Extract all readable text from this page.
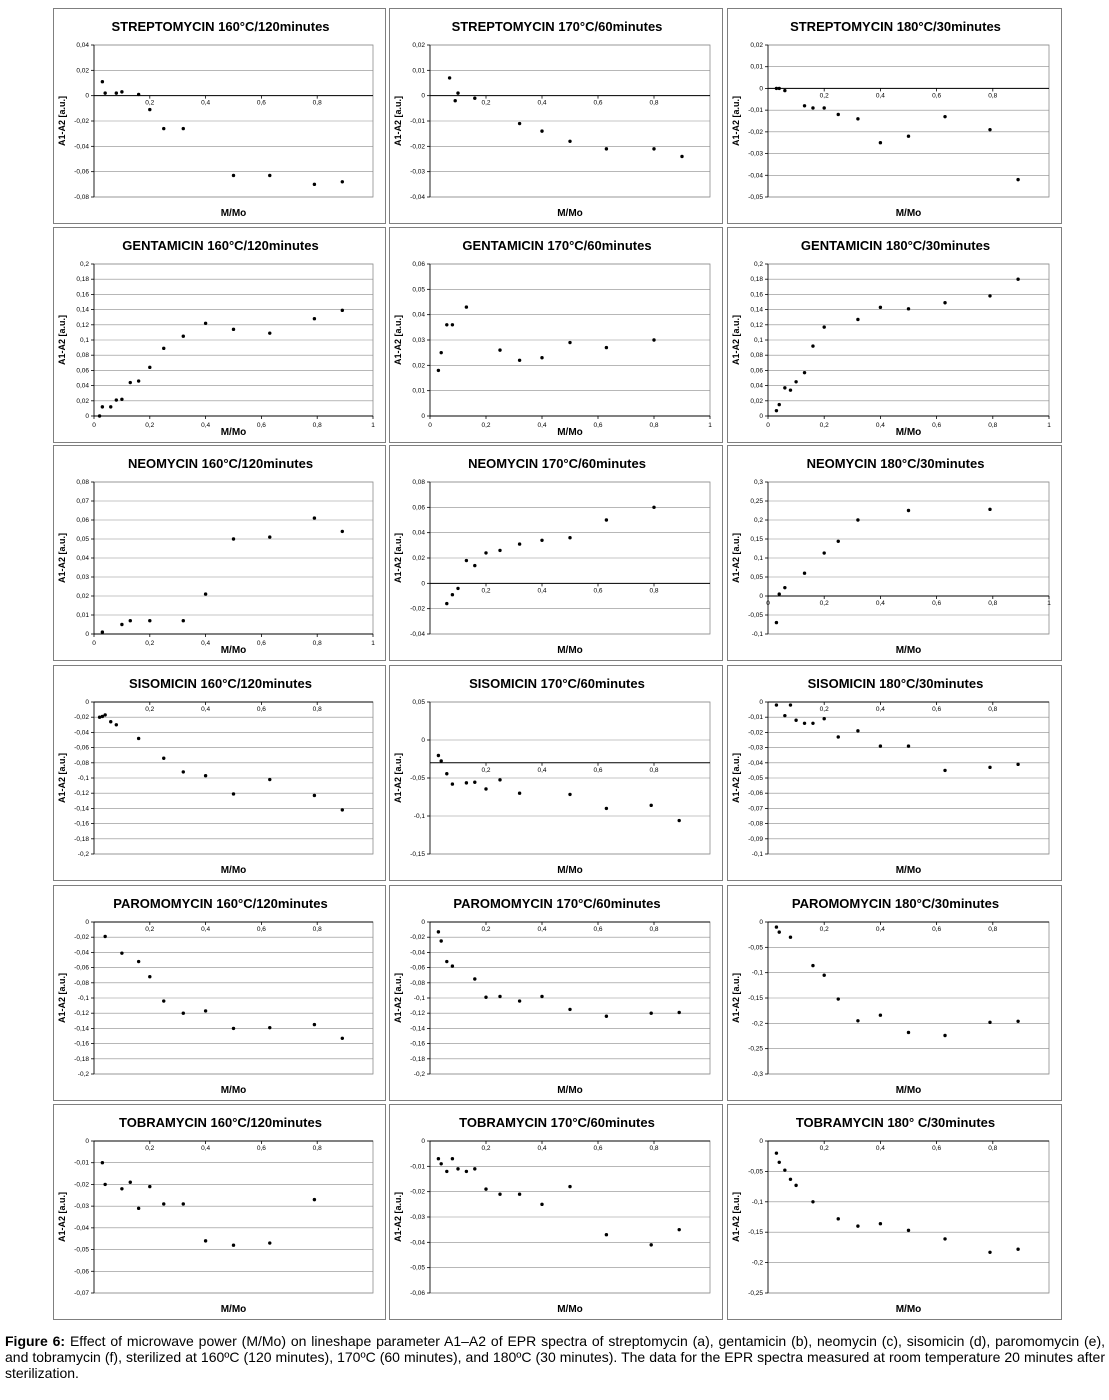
STREPTOMYCIN 160°C/120minutes
0,04
0,02
0
-0,02
-0,04
-0,06
-0,08
0,2	0,4	0,6	0,8
M/Mo
A1-A2 [a.u.]
STREPTOMYCIN 170°C/60minutes
0,02
0,01
0
-0,01
-0,02
-0,03
-0,04
0,2	0,4	0,6	0,8
M/Mo
A1-A2 [a.u.]
STREPTOMYCIN 180°C/30minutes
0,02
0,01
0
-0,01
-0,02
-0,03
-0,04
-0,05
0,2	0,4	0,6	0,8
M/Mo
A1-A2 [a.u.]
GENTAMICIN 160°C/120minutes
0,2
0,18
0,16
0,14
0,12
0,1
0,08
0,06
0,04
0,02
0
0	0,2	0,4	0,6	0,8	1
M/Mo
A1-A2 [a.u.]
GENTAMICIN 170°C/60minutes
0,06
0,05
0,04
0,03
0,02
0,01
0
0	0,2	0,4	0,6	0,8	1
M/Mo
A1-A2 [a.u.]
GENTAMICIN 180°C/30minutes
0,2
0,18
0,16
0,14
0,12
0,1
0,08
0,06
0,04
0,02
0
0	0,2	0,4	0,6	0,8	1
M/Mo
A1-A2 [a.u.]
NEOMYCIN 160°C/120minutes
0,08
0,07
0,06
0,05
0,04
0,03
0,02
0,01
0
0	0,2	0,4	0,6	0,8	1
M/Mo
A1-A2 [a.u.]
NEOMYCIN 170°C/60minutes
0,08
0,06
0,04
0,02
0
-0,02
-0,04
0,2	0,4	0,6	0,8
M/Mo
A1-A2 [a.u.]
NEOMYCIN 180°C/30minutes
0,3
0,25
0,2
0,15
0,1
0,05
0
-0,05
-0,1
0	0,2	0,4	0,6	0,8	1
M/Mo
A1-A2 [a.u.]
SISOMICIN 160°C/120minutes
0
-0,02
-0,04
-0,06
-0,08
-0,1
-0,12
-0,14
-0,16
-0,18
-0,2
0,2	0,4	0,6	0,8
M/Mo
A1-A2 [a.u.]
SISOMICIN 170°C/60minutes
0,05
0
-0,05
-0,1
-0,15
0,2	0,4	0,6	0,8
M/Mo
A1-A2 [a.u.]
SISOMICIN 180°C/30minutes
0
-0,01
-0,02
-0,03
-0,04
-0,05
-0,06
-0,07
-0,08
-0,09
-0,1
0,2	0,4	0,6	0,8
M/Mo
A1-A2 [a.u.]
PAROMOMYCIN 160°C/120minutes
0
-0,02
-0,04
-0,06
-0,08
-0,1
-0,12
-0,14
-0,16
-0,18
-0,2
0,2	0,4	0,6	0,8
M/Mo
A1-A2 [a.u.]
PAROMOMYCIN 170°C/60minutes
0
-0,02
-0,04
-0,06
-0,08
-0,1
-0,12
-0,14
-0,16
-0,18
-0,2
0,2	0,4	0,6	0,8
M/Mo
A1-A2 [a.u.]
PAROMOMYCIN 180°C/30minutes
0
-0,05
-0,1
-0,15
-0,2
-0,25
-0,3
0,2	0,4	0,6	0,8
M/Mo
A1-A2 [a.u.]
TOBRAMYCIN 160°C/120minutes
0
-0,01
-0,02
-0,03
-0,04
-0,05
-0,06
-0,07
0,2	0,4	0,6	0,8
M/Mo
A1-A2 [a.u.]
TOBRAMYCIN 170°C/60minutes
0
-0,01
-0,02
-0,03
-0,04
-0,05
-0,06
0,2	0,4	0,6	0,8
M/Mo
A1-A2 [a.u.]
TOBRAMYCIN 180° C/30minutes
0
-0,05
-0,1
-0,15
-0,2
-0,25
0,2	0,4	0,6	0,8
M/Mo
A1-A2 [a.u.]
Figure 6: Effect of microwave power (M/Mo) on lineshape parameter A1–A2 of EPR spectra of streptomycin (a), gentamicin (b), neomycin (c), sisomicin (d), paromomycin (e), and tobramycin (f), sterilized at 160ºC (120 minutes), 170ºC (60 minutes), and 180ºC (30 minutes). The data for the EPR spectra measured at room temperature 20 minutes after sterilization.
